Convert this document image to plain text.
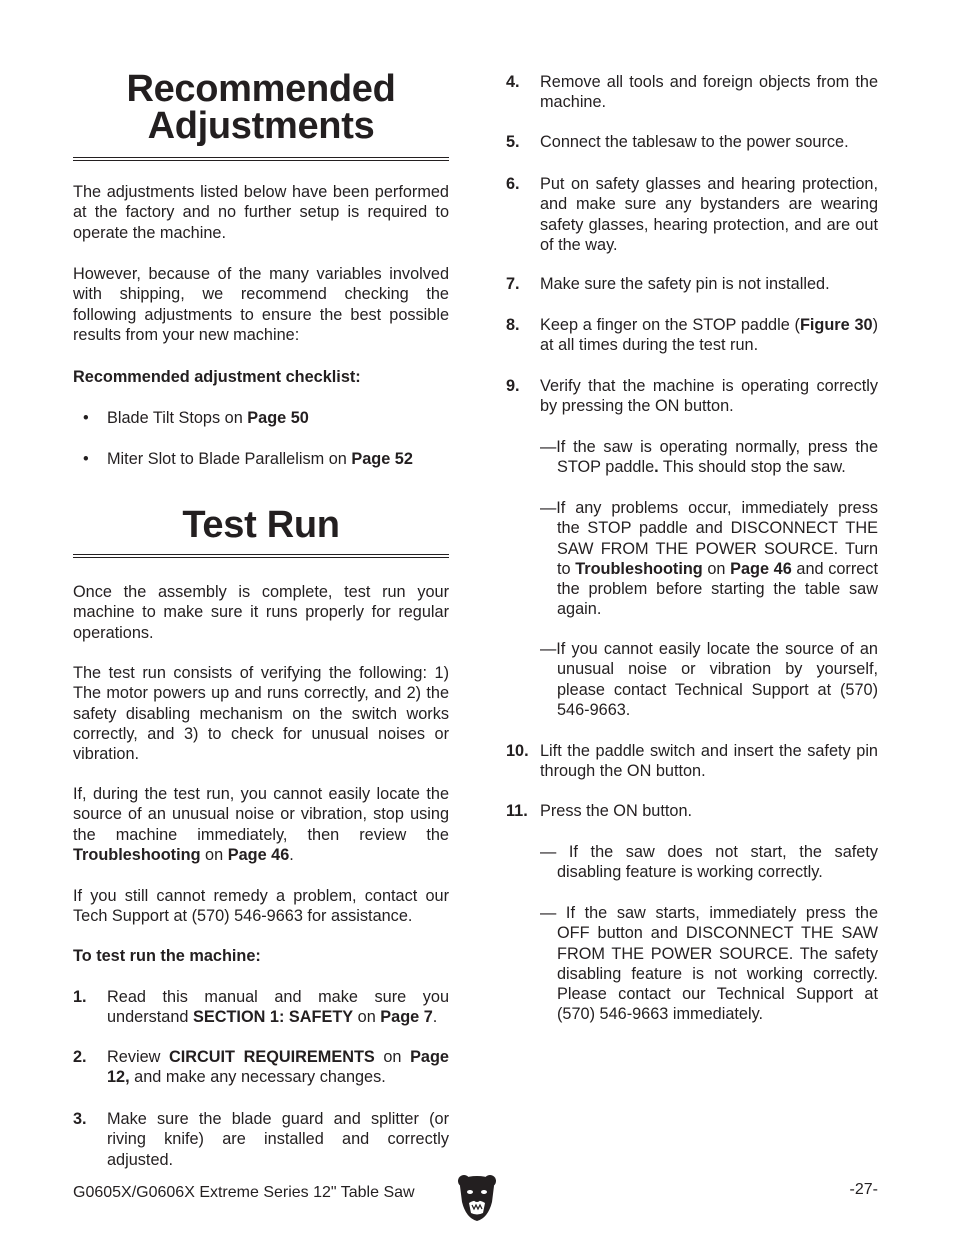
Recommended
Adjustments

The adjustments listed below have been performed at the factory and no further setup is required to operate the machine.

However, because of the many variables involved with shipping, we recommend checking the following adjustments to ensure the best possible results from your new machine:

Recommended adjustment checklist:

• Blade Tilt Stops on Page 50
• Miter Slot to Blade Parallelism on Page 52
Test Run

Once the assembly is complete, test run your machine to make sure it runs properly for regular operations.

The test run consists of verifying the following: 1) The motor powers up and runs correctly, and 2) the safety disabling mechanism on the switch works correctly, and 3) to check for unusual noises or vibration.

If, during the test run, you cannot easily locate the source of an unusual noise or vibration, stop using the machine immediately, then review the Troubleshooting on Page 46.

If you still cannot remedy a problem, contact our Tech Support at (570) 546-9663 for assistance.

To test run the machine:

1. Read this manual and make sure you understand SECTION 1: SAFETY on Page 7.
2. Review CIRCUIT REQUIREMENTS on Page 12, and make any necessary changes.
3. Make sure the blade guard and splitter (or riving knife) are installed and correctly adjusted.
4. Remove all tools and foreign objects from the machine.
5. Connect the tablesaw to the power source.
6. Put on safety glasses and hearing protection, and make sure any bystanders are wearing safety glasses, hearing protection, and are out of the way.
7. Make sure the safety pin is not installed.
8. Keep a finger on the STOP paddle (Figure 30) at all times during the test run.
9. Verify that the machine is operating correctly by pressing the ON button.
—If the saw is operating normally, press the STOP paddle. This should stop the saw.
—If any problems occur, immediately press the STOP paddle and DISCONNECT THE SAW FROM THE POWER SOURCE. Turn to Troubleshooting on Page 46 and correct the problem before starting the table saw again.
—If you cannot easily locate the source of an unusual noise or vibration by yourself, please contact Technical Support at (570) 546-9663.
10. Lift the paddle switch and insert the safety pin through the ON button.
11. Press the ON button.
— If the saw does not start, the safety disabling feature is working correctly.
— If the saw starts, immediately press the OFF button and DISCONNECT THE SAW FROM THE POWER SOURCE. The safety disabling feature is not working correctly. Please contact our Technical Support at (570) 546-9663 immediately.
G0605X/G0606X Extreme Series 12" Table Saw	-27-
